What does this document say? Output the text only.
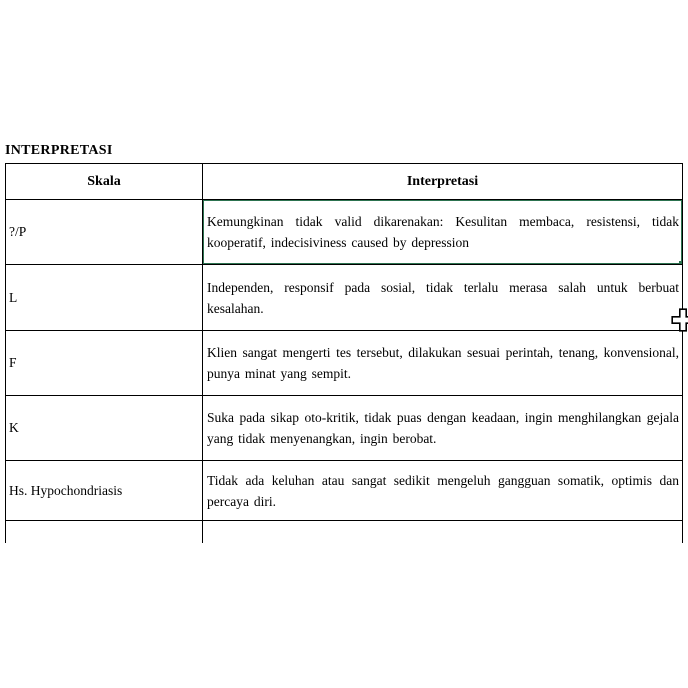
INTERPRETASI
Skala	Interpretasi
?/P	Kemungkinan tidak valid dikarenakan: Kesulitan membaca, resistensi, tidak kooperatif, indecisiviness caused by depression

L	Independen, responsif pada sosial, tidak terlalu merasa salah untuk berbuat kesalahan.

F	Klien sangat mengerti tes tersebut, dilakukan sesuai perintah, tenang, konvensional, punya minat yang sempit.

K	Suka pada sikap oto-kritik, tidak puas dengan keadaan, ingin menghilangkan gejala yang tidak menyenangkan, ingin berobat.

Hs. Hypochondriasis	Tidak ada keluhan atau sangat sedikit mengeluh gangguan somatik, optimis dan percaya diri.
